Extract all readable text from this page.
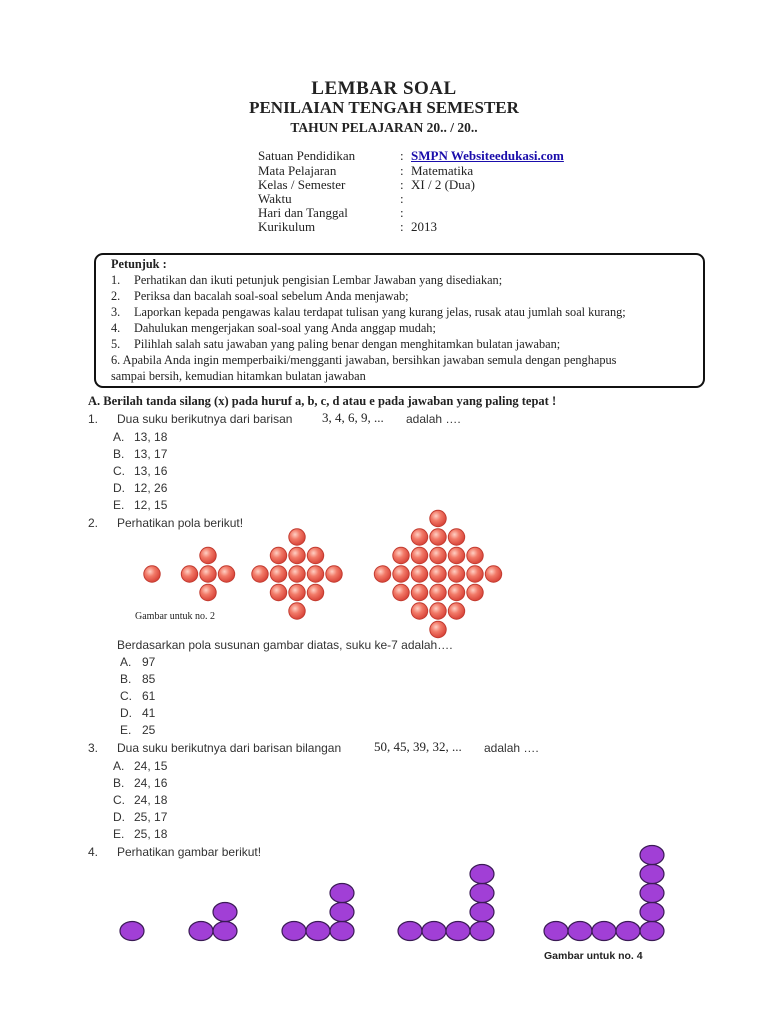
LEMBAR SOAL
PENILAIAN TENGAH SEMESTER
TAHUN PELAJARAN 20.. / 20..
Satuan Pendidikan	: SMPN Websiteedukasi.com
Mata Pelajaran	: Matematika
Kelas / Semester	: XI / 2 (Dua)
Waktu	:
Hari dan Tanggal	:
Kurikulum	: 2013
Petunjuk :
1. Perhatikan dan ikuti petunjuk pengisian Lembar Jawaban yang disediakan;
2. Periksa dan bacalah soal-soal sebelum Anda menjawab;
3. Laporkan kepada pengawas kalau terdapat tulisan yang kurang jelas, rusak atau jumlah soal kurang;
4. Dahulukan mengerjakan soal-soal yang Anda anggap mudah;
5. Pilihlah salah satu jawaban yang paling benar dengan menghitamkan bulatan jawaban;
6. Apabila Anda ingin memperbaiki/mengganti jawaban, bersihkan jawaban semula dengan penghapus
sampai bersih, kemudian hitamkan bulatan jawaban
A. Berilah tanda silang (x) pada huruf a, b, c, d atau e pada jawaban yang paling tepat !
1. Dua suku berikutnya dari barisan 3, 4, 6, 9, ... adalah ….
A. 13, 18
B. 13, 17
C. 13, 16
D. 12, 26
E. 12, 15
2. Perhatikan pola berikut!
Gambar untuk no. 2
Berdasarkan pola susunan gambar diatas, suku ke-7 adalah….
A. 97
B. 85
C. 61
D. 41
E. 25
3. Dua suku berikutnya dari barisan bilangan	50, 45, 39, 32, ... adalah ….
A. 24, 15
B. 24, 16
C. 24, 18
D. 25, 17
E. 25, 18
4. Perhatikan gambar berikut!
Gambar untuk no. 4
